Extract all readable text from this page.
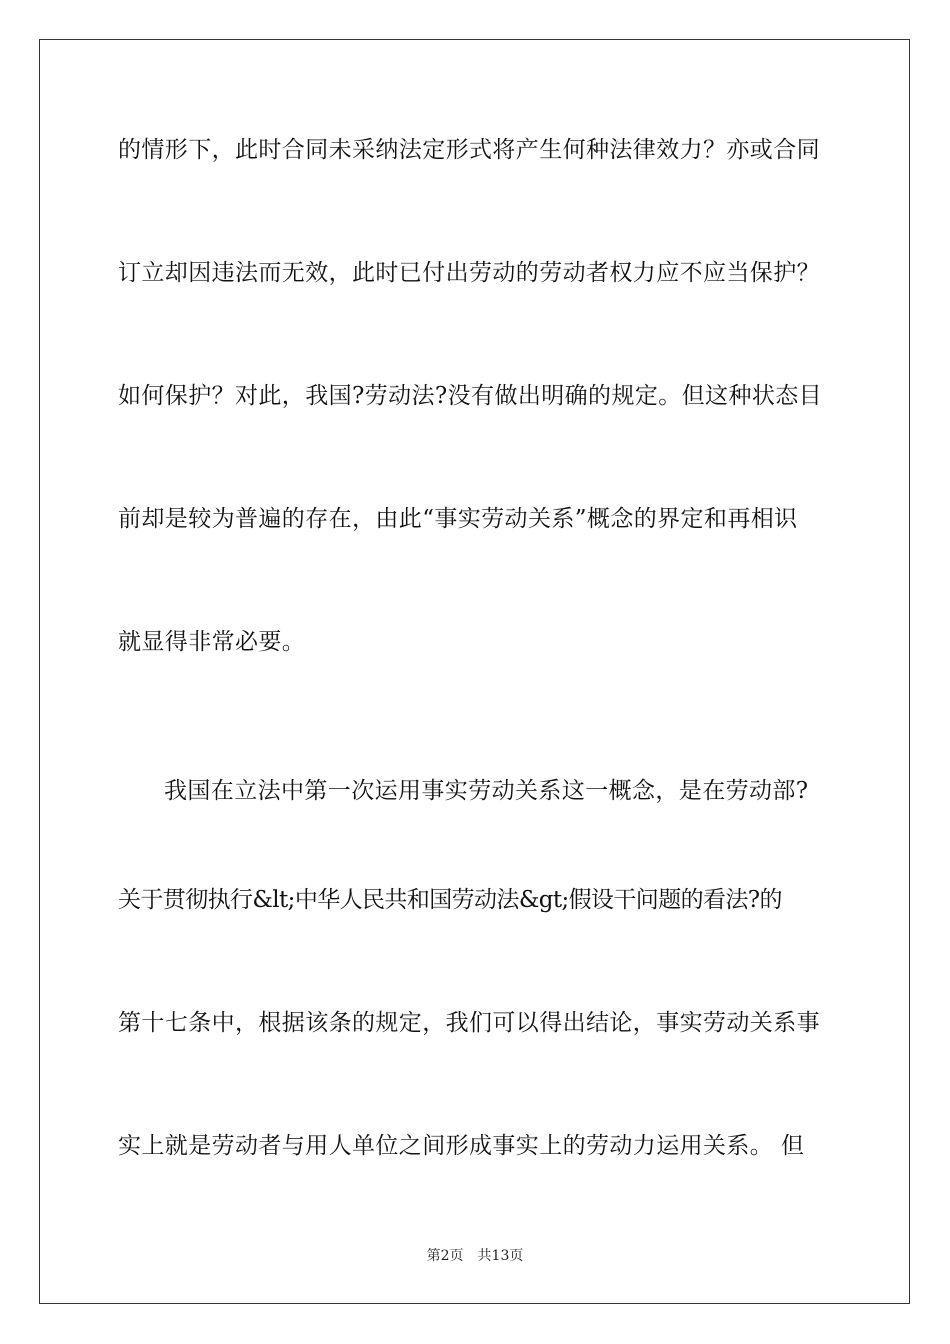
的情形下，此时合同未采纳法定形式将产生何种法律效力？亦或合同
订立却因违法而无效，此时已付出劳动的劳动者权力应不应当保护？
如何保护？对此，我国?劳动法?没有做出明确的规定。但这种状态目
前却是较为普遍的存在，由此“事实劳动关系”概念的界定和再相识
就显得非常必要。
我国在立法中第一次运用事实劳动关系这一概念，是在劳动部?
关于贯彻执行&lt;中华人民共和国劳动法&gt;假设干问题的看法?的
第十七条中，根据该条的规定，我们可以得出结论，事实劳动关系事
实上就是劳动者与用人单位之间形成事实上的劳动力运用关系。 但
第2页 共13页
